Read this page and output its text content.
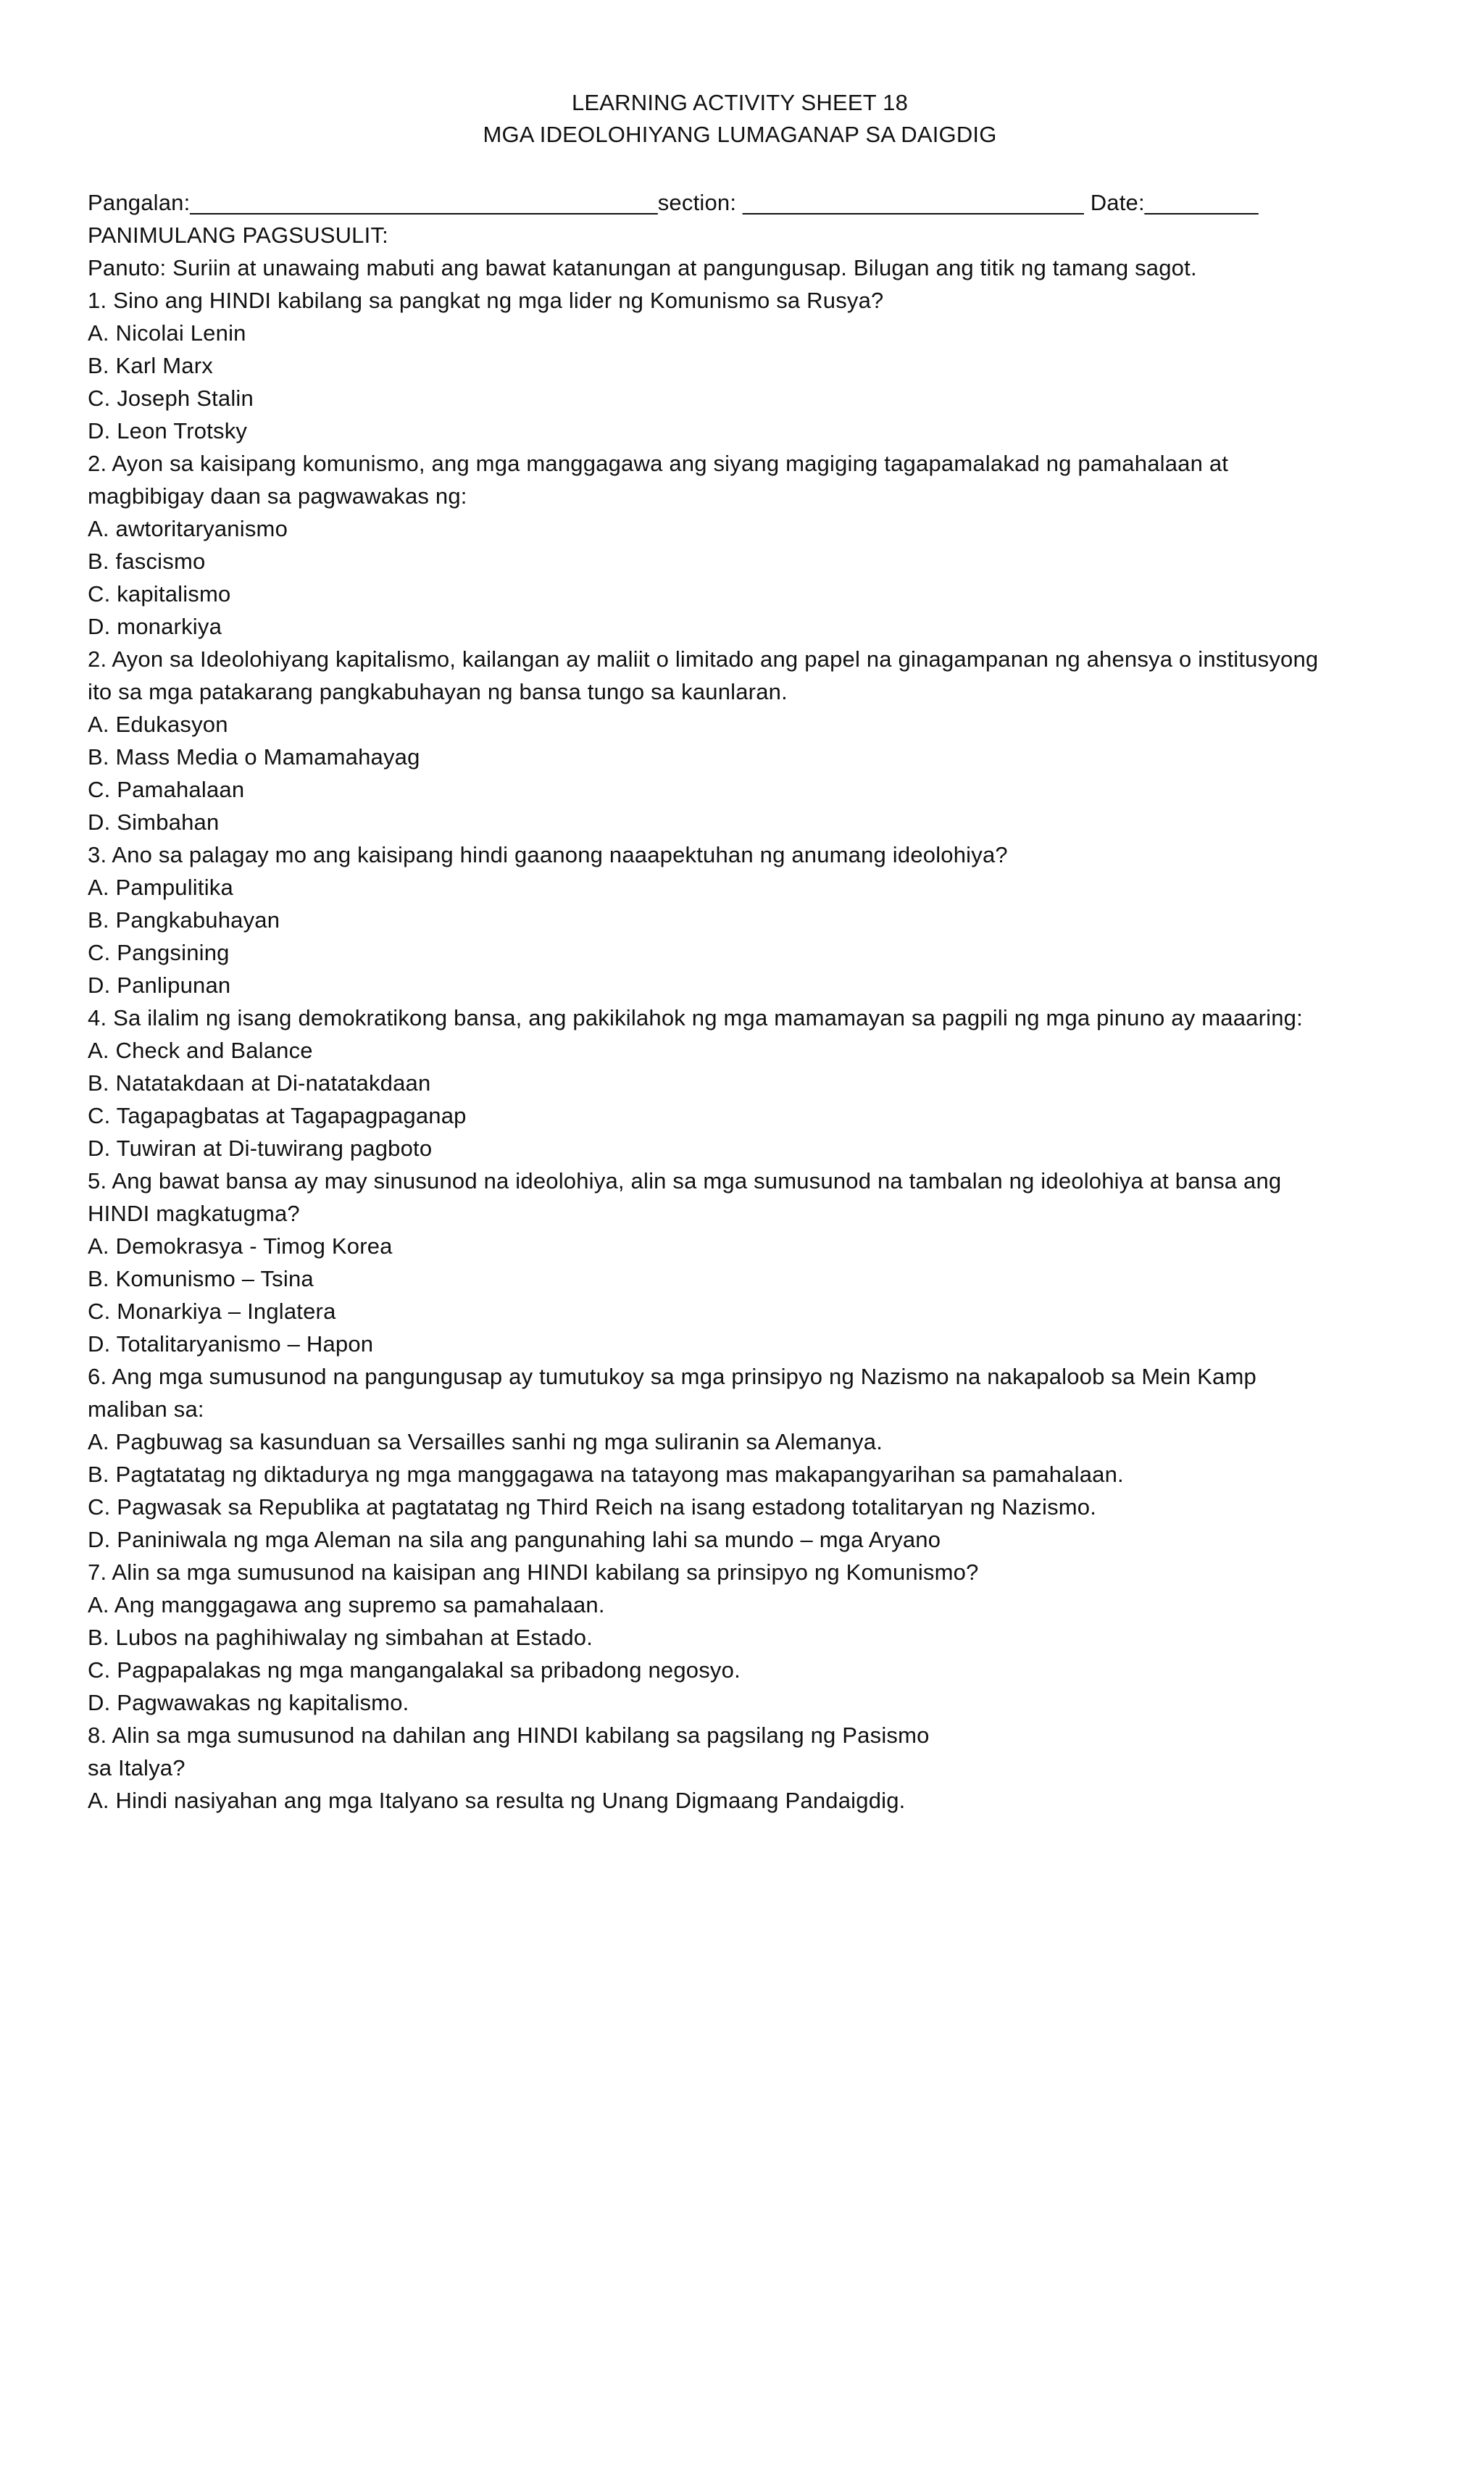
LEARNING ACTIVITY SHEET 18
MGA IDEOLOHIYANG LUMAGANAP SA DAIGDIG
Pangalan:_____________________________________section: ___________________________ Date:_________
PANIMULANG PAGSUSULIT:
Panuto: Suriin at unawaing mabuti ang bawat katanungan at pangungusap. Bilugan ang titik ng tamang sagot.
1. Sino ang HINDI kabilang sa pangkat ng mga lider ng Komunismo sa Rusya?
A. Nicolai Lenin
B. Karl Marx
C. Joseph Stalin
D. Leon Trotsky
2. Ayon sa kaisipang komunismo, ang mga manggagawa ang siyang magiging tagapamalakad ng pamahalaan at
magbibigay daan sa pagwawakas ng:
A. awtoritaryanismo
B. fascismo
C. kapitalismo
D. monarkiya
2. Ayon sa Ideolohiyang kapitalismo, kailangan ay maliit o limitado ang papel na ginagampanan ng ahensya o institusyong
ito sa mga patakarang pangkabuhayan ng bansa tungo sa kaunlaran.
A. Edukasyon
B. Mass Media o Mamamahayag
C. Pamahalaan
D. Simbahan
3. Ano sa palagay mo ang kaisipang hindi gaanong naaapektuhan ng anumang ideolohiya?
A. Pampulitika
B. Pangkabuhayan
C. Pangsining
D. Panlipunan
4. Sa ilalim ng isang demokratikong bansa, ang pakikilahok ng mga mamamayan sa pagpili ng mga pinuno ay maaaring:
A. Check and Balance
B. Natatakdaan at Di-natatakdaan
C. Tagapagbatas at Tagapagpaganap
D. Tuwiran at Di-tuwirang pagboto
5. Ang bawat bansa ay may sinusunod na ideolohiya, alin sa mga sumusunod na tambalan ng ideolohiya at bansa ang
HINDI magkatugma?
A. Demokrasya - Timog Korea
B. Komunismo – Tsina
C. Monarkiya – Inglatera
D. Totalitaryanismo – Hapon
6. Ang mga sumusunod na pangungusap ay tumutukoy sa mga prinsipyo ng Nazismo na nakapaloob sa Mein Kamp
maliban sa:
A. Pagbuwag sa kasunduan sa Versailles sanhi ng mga suliranin sa Alemanya.
B. Pagtatatag ng diktadurya ng mga manggagawa na tatayong mas makapangyarihan sa pamahalaan.
C. Pagwasak sa Republika at pagtatatag ng Third Reich na isang estadong totalitaryan ng Nazismo.
D. Paniniwala ng mga Aleman na sila ang pangunahing lahi sa mundo – mga Aryano
7. Alin sa mga sumusunod na kaisipan ang HINDI kabilang sa prinsipyo ng Komunismo?
A. Ang manggagawa ang supremo sa pamahalaan.
B. Lubos na paghihiwalay ng simbahan at Estado.
C. Pagpapalakas ng mga mangangalakal sa pribadong negosyo.
D. Pagwawakas ng kapitalismo.
8. Alin sa mga sumusunod na dahilan ang HINDI kabilang sa pagsilang ng Pasismo
sa Italya?
A. Hindi nasiyahan ang mga Italyano sa resulta ng Unang Digmaang Pandaigdig.
